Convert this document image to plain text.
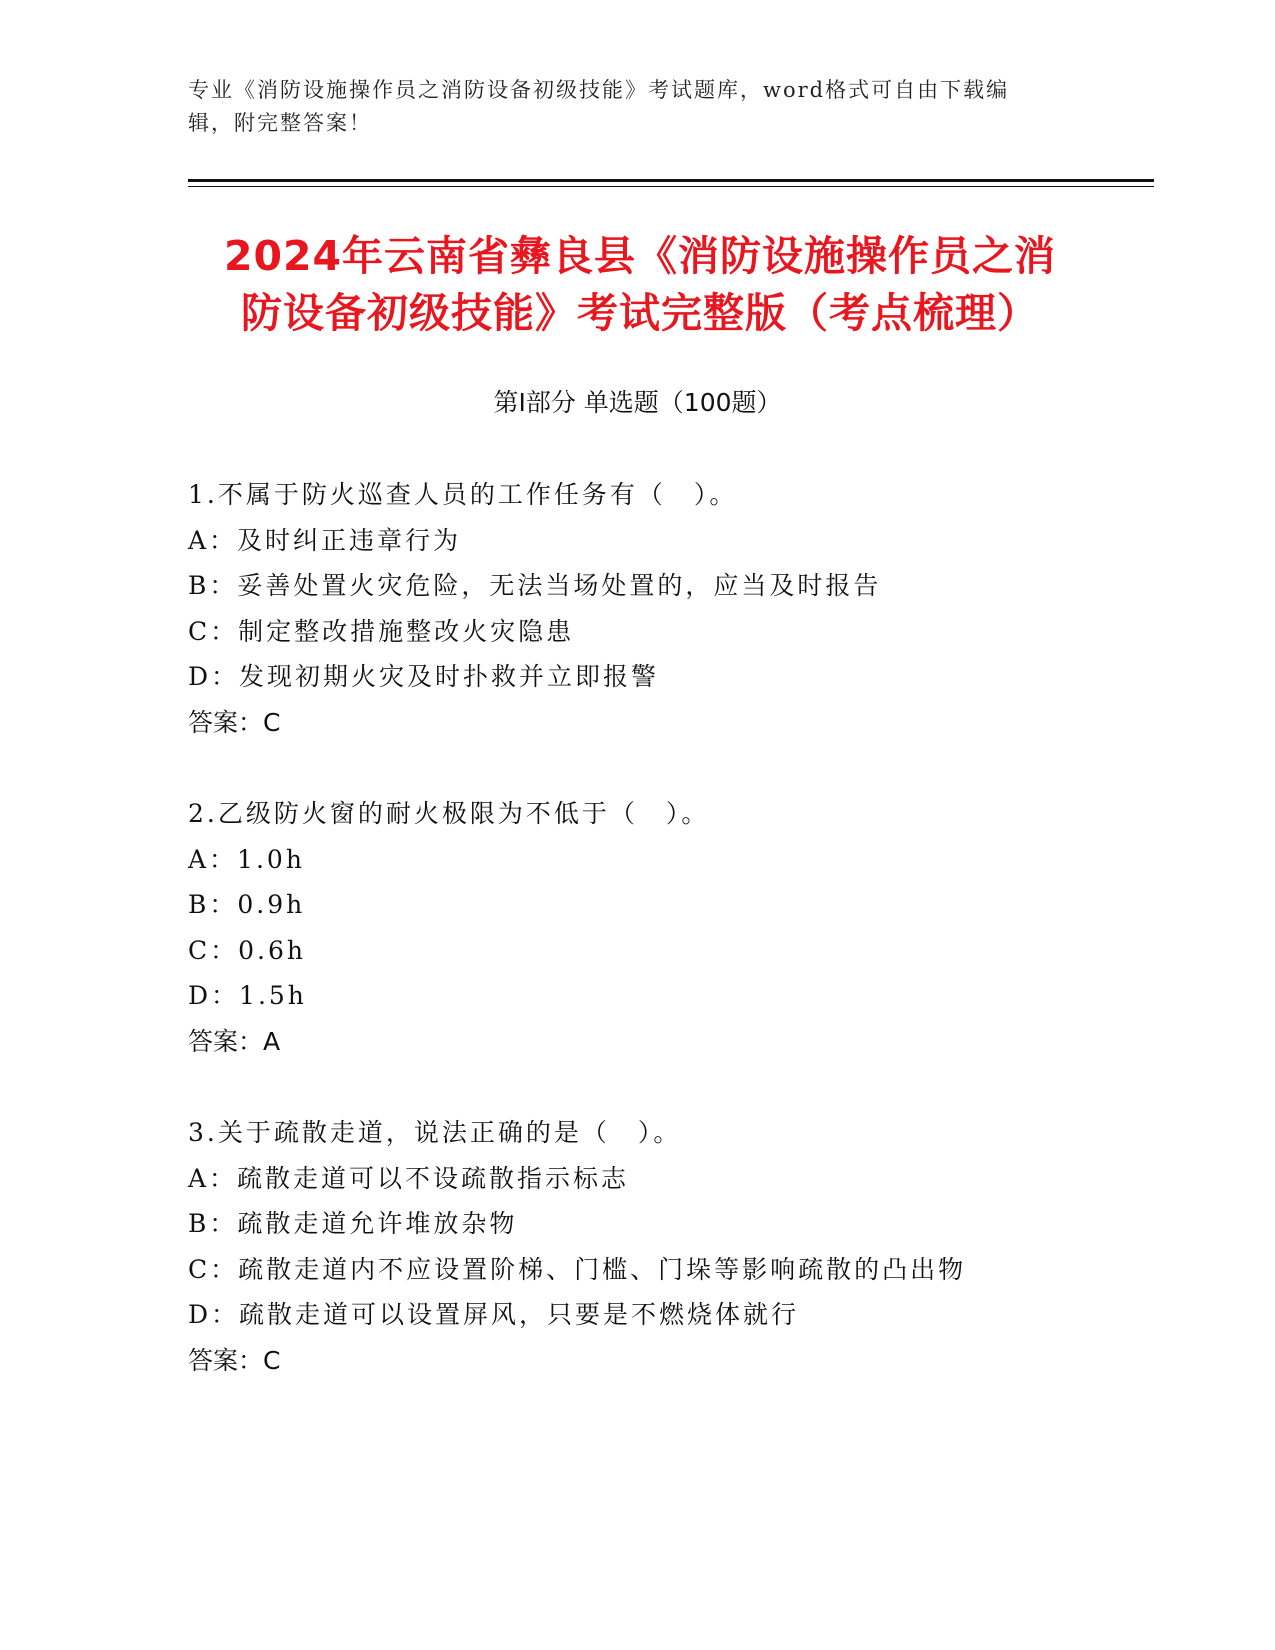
专业《消防设施操作员之消防设备初级技能》考试题库，word格式可自由下载编
辑，附完整答案！
2024年云南省彝良县《消防设施操作员之消
防设备初级技能》考试完整版（考点梳理）
第Ⅰ部分 单选题（100题）
1.不属于防火巡查人员的工作任务有（　）。
A：及时纠正违章行为
B：妥善处置火灾危险，无法当场处置的，应当及时报告
C：制定整改措施整改火灾隐患
D：发现初期火灾及时扑救并立即报警
答案：C
2.乙级防火窗的耐火极限为不低于（　）。
A：1.0h
B：0.9h
C：0.6h
D：1.5h
答案：A
3.关于疏散走道，说法正确的是（　）。
A：疏散走道可以不设疏散指示标志
B：疏散走道允许堆放杂物
C：疏散走道内不应设置阶梯、门槛、门垛等影响疏散的凸出物
D：疏散走道可以设置屏风，只要是不燃烧体就行
答案：C
